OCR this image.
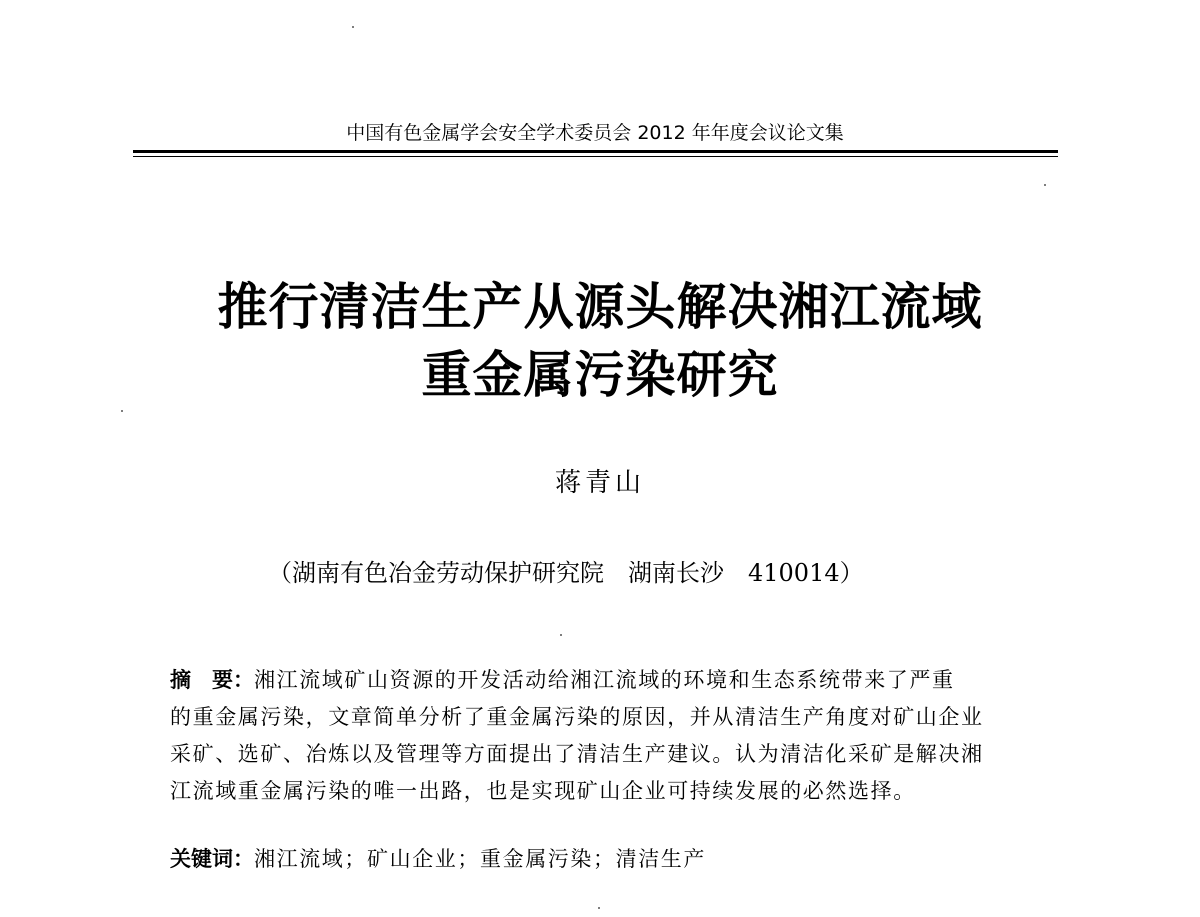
中国有色金属学会安全学术委员会 2012 年年度会议论文集
推行清洁生产从源头解决湘江流域
重金属污染研究
蒋青山
（湖南有色冶金劳动保护研究院　湖南长沙　410014）
摘　要：湘江流域矿山资源的开发活动给湘江流域的环境和生态系统带来了严重
的重金属污染，文章简单分析了重金属污染的原因，并从清洁生产角度对矿山企业
采矿、选矿、冶炼以及管理等方面提出了清洁生产建议。认为清洁化采矿是解决湘
江流域重金属污染的唯一出路，也是实现矿山企业可持续发展的必然选择。
关键词：湘江流域；矿山企业；重金属污染；清洁生产
